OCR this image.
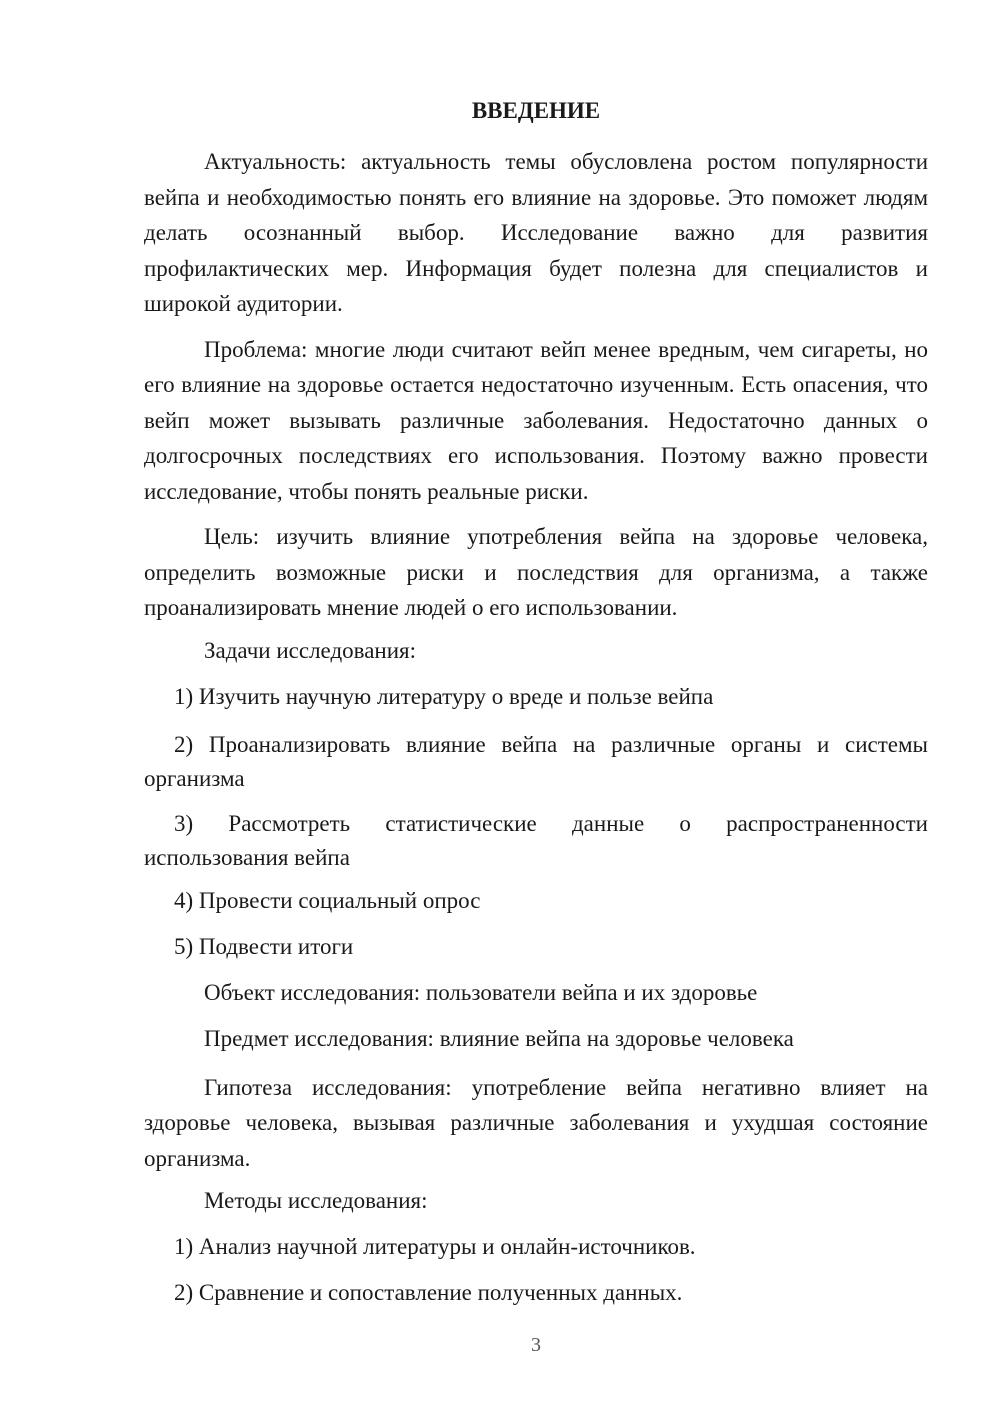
ВВЕДЕНИЕ

Актуальность: актуальность темы обусловлена ростом популярности вейпа и необходимостью понять его влияние на здоровье. Это поможет людям делать осознанный выбор. Исследование важно для развития профилактических мер. Информация будет полезна для специалистов и широкой аудитории.

Проблема: многие люди считают вейп менее вредным, чем сигареты, но его влияние на здоровье остается недостаточно изученным. Есть опасения, что вейп может вызывать различные заболевания. Недостаточно данных о долгосрочных последствиях его использования. Поэтому важно провести исследование, чтобы понять реальные риски.

Цель: изучить влияние употребления вейпа на здоровье человека, определить возможные риски и последствия для организма, а также проанализировать мнение людей о его использовании.

Задачи исследования:

1) Изучить научную литературу о вреде и пользе вейпа

2) Проанализировать влияние вейпа на различные органы и системы организма

3) Рассмотреть статистические данные о распространенности использования вейпа

4) Провести социальный опрос

5) Подвести итоги

Объект исследования: пользователи вейпа и их здоровье

Предмет исследования: влияние вейпа на здоровье человека

Гипотеза исследования: употребление вейпа негативно влияет на здоровье человека, вызывая различные заболевания и ухудшая состояние организма.

Методы исследования:

1) Анализ научной литературы и онлайн-источников.

2) Сравнение и сопоставление полученных данных.

3
